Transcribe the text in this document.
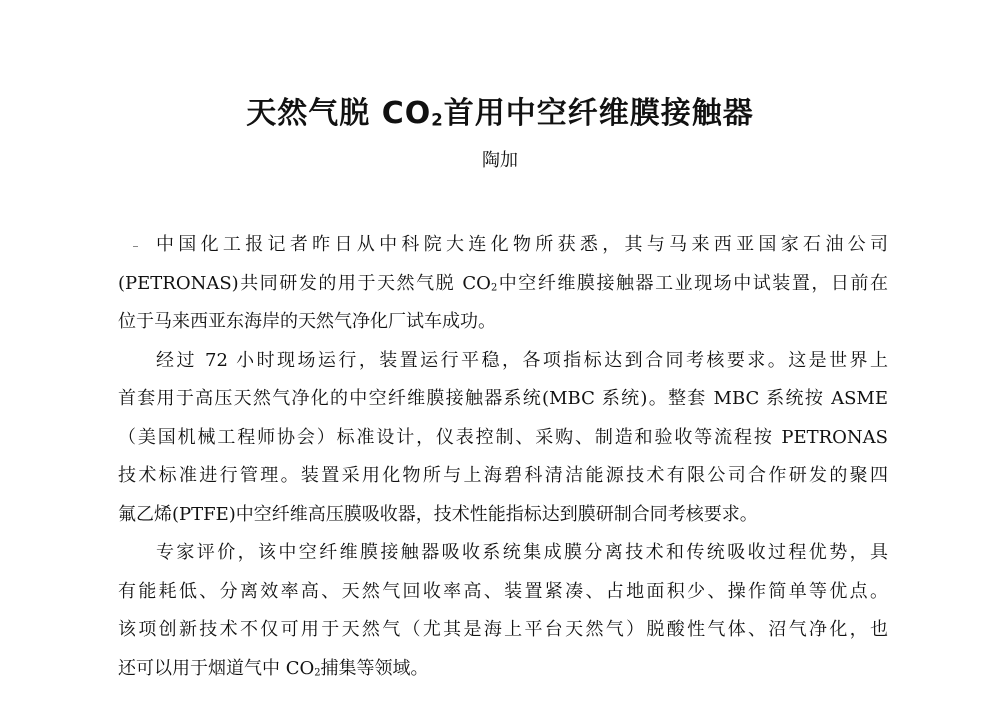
天然气脱 $CO_2$首用中空纤维膜接触器
陶加
中国化工报记者昨日从中科院大连化物所获悉，其与马来西亚国家石油公司
(PETRONAS)共同研发的用于天然气脱 $CO_2$中空纤维膜接触器工业现场中试装置，日前在
位于马来西亚东海岸的天然气净化厂试车成功。
经过 72 小时现场运行，装置运行平稳，各项指标达到合同考核要求。这是世界上
首套用于高压天然气净化的中空纤维膜接触器系统(MBC 系统)。整套 MBC 系统按 ASME
（美国机械工程师协会）标准设计，仪表控制、采购、制造和验收等流程按 PETRONAS
技术标准进行管理。装置采用化物所与上海碧科清洁能源技术有限公司合作研发的聚四
氟乙烯(PTFE)中空纤维高压膜吸收器，技术性能指标达到膜研制合同考核要求。
专家评价，该中空纤维膜接触器吸收系统集成膜分离技术和传统吸收过程优势，具
有能耗低、分离效率高、天然气回收率高、装置紧凑、占地面积少、操作简单等优点。
该项创新技术不仅可用于天然气（尤其是海上平台天然气）脱酸性气体、沼气净化，也
还可以用于烟道气中 $CO_2$捕集等领域。
